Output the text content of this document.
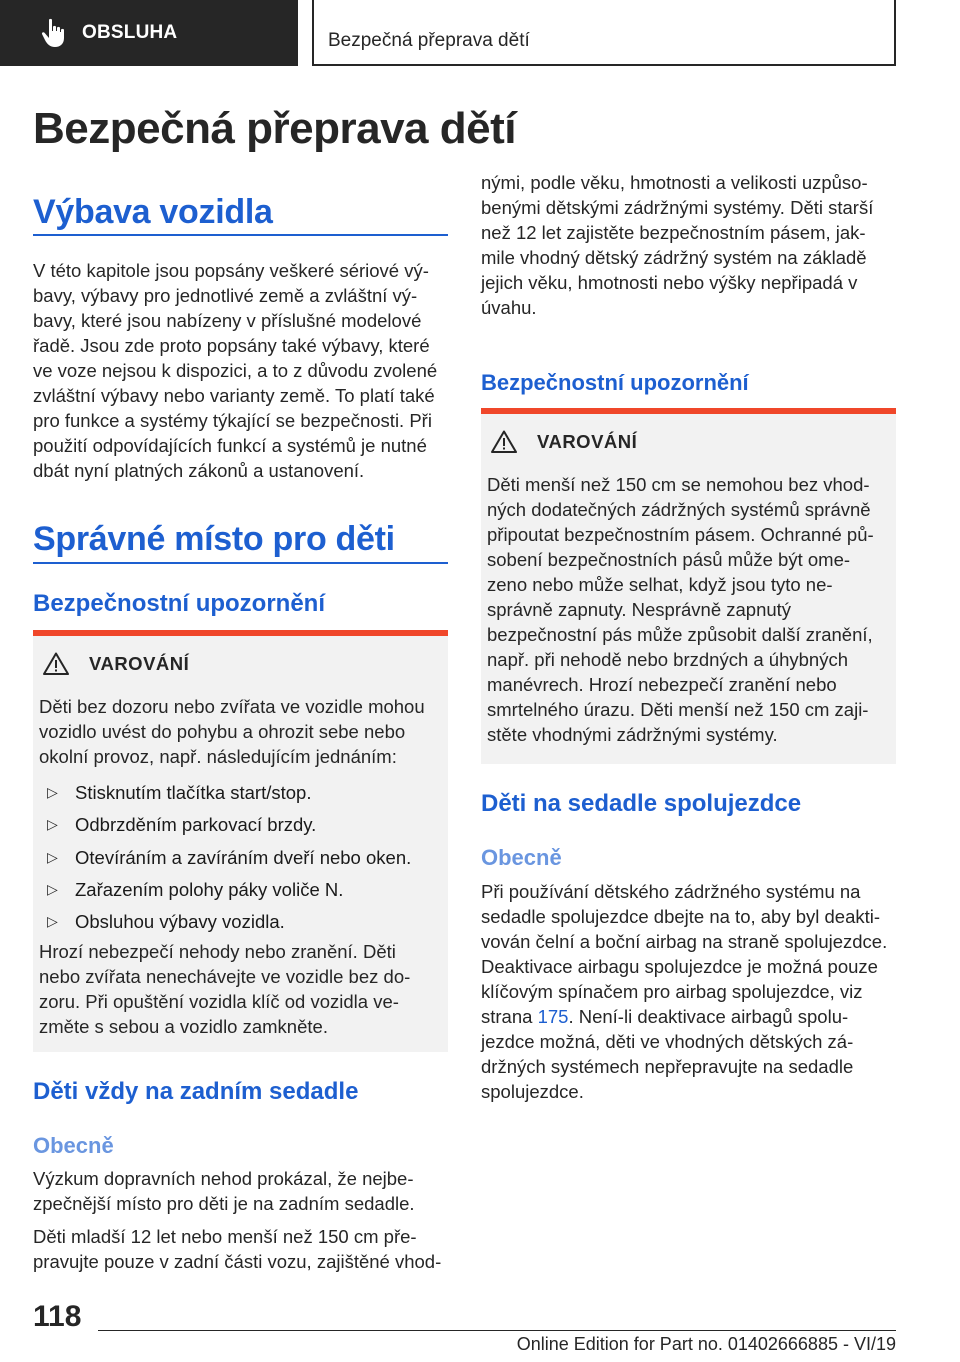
OBSLUHA	Bezpečná přeprava dětí
Bezpečná přeprava dětí
Výbava vozidla
V této kapitole jsou popsány veškeré sériové vý-
bavy, výbavy pro jednotlivé země a zvláštní vý-
bavy, které jsou nabízeny v příslušné modelové
řadě. Jsou zde proto popsány také výbavy, které
ve voze nejsou k dispozici, a to z důvodu zvolené
zvláštní výbavy nebo varianty země. To platí také
pro funkce a systémy týkající se bezpečnosti. Při
použití odpovídajících funkcí a systémů je nutné
dbát nyní platných zákonů a ustanovení.
Správné místo pro děti
Bezpečnostní upozornění
VAROVÁNÍ
Děti bez dozoru nebo zvířata ve vozidle mohou
vozidlo uvést do pohybu a ohrozit sebe nebo
okolní provoz, např. následujícím jednáním:
▷ Stisknutím tlačítka start/stop.
▷ Odbrzděním parkovací brzdy.
▷ Otevíráním a zavíráním dveří nebo oken.
▷ Zařazením polohy páky voliče N.
▷ Obsluhou výbavy vozidla.
Hrozí nebezpečí nehody nebo zranění. Děti
nebo zvířata nenechávejte ve vozidle bez do-
zoru. Při opuštění vozidla klíč od vozidla ve-
změte s sebou a vozidlo zamkněte.
Děti vždy na zadním sedadle
Obecně
Výzkum dopravních nehod prokázal, že nejbe-
zpečnější místo pro děti je na zadním sedadle.
Děti mladší 12 let nebo menší než 150 cm pře-
pravujte pouze v zadní části vozu, zajištěné vhod-
nými, podle věku, hmotnosti a velikosti uzpůso-
benými dětskými zádržnými systémy. Děti starší
než 12 let zajistěte bezpečnostním pásem, jak-
mile vhodný dětský zádržný systém na základě
jejich věku, hmotnosti nebo výšky nepřipadá v
úvahu.
Bezpečnostní upozornění
VAROVÁNÍ
Děti menší než 150 cm se nemohou bez vhod-
ných dodatečných zádržných systémů správně
připoutat bezpečnostním pásem. Ochranné pů-
sobení bezpečnostních pásů může být ome-
zeno nebo může selhat, když jsou tyto ne-
správně zapnuty. Nesprávně zapnutý
bezpečnostní pás může způsobit další zranění,
např. při nehodě nebo brzdných a úhybných
manévrech. Hrozí nebezpečí zranění nebo
smrtelného úrazu. Děti menší než 150 cm zaji-
stěte vhodnými zádržnými systémy.
Děti na sedadle spolujezdce
Obecně
Při používání dětského zádržného systému na
sedadle spolujezdce dbejte na to, aby byl deakti-
vován čelní a boční airbag na straně spolujezdce.
Deaktivace airbagu spolujezdce je možná pouze
klíčovým spínačem pro airbag spolujezdce, viz
strana 175. Není-li deaktivace airbagů spolu-
jezdce možná, děti ve vhodných dětských zá-
držných systémech nepřepravujte na sedadle
spolujezdce.
118
Online Edition for Part no. 01402666885 - VI/19
